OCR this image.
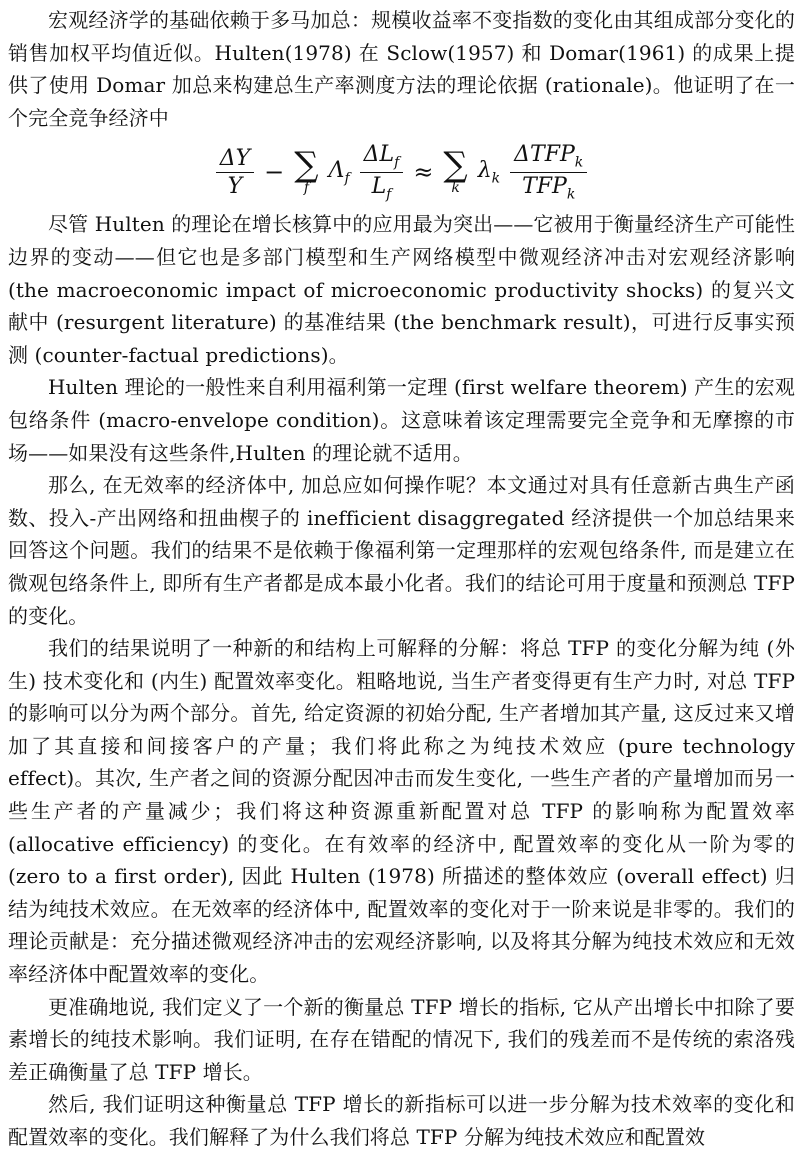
宏观经济学的基础依赖于多马加总：规模收益率不变指数的变化由其组成部分变化的销售加权平均值近似。Hulten(1978) 在 Sclow(1957) 和 Domar(1961) 的成果上提供了使用 Domar 加总来构建总生产率测度方法的理论依据 (rationale)。他证明了在一个完全竞争经济中

$\frac{\Delta Y}{Y}$ − ∑
f
$\Lambda_f \frac{\Delta L_f}{L_f}$ ≈ ∑
k
$\lambda_k \frac{\Delta TFP_k}{TFP_k}$

尽管 Hulten 的理论在增长核算中的应用最为突出——它被用于衡量经济生产可能性边界的变动——但它也是多部门模型和生产网络模型中微观经济冲击对宏观经济影响 (the macroeconomic impact of microeconomic productivity shocks) 的复兴文献中 (resurgent literature) 的基准结果 (the benchmark result)，可进行反事实预测 (counter-factual predictions)。

Hulten 理论的一般性来自利用福利第一定理 (first welfare theorem) 产生的宏观包络条件 (macro-envelope condition)。这意味着该定理需要完全竞争和无摩擦的市场——如果没有这些条件,Hulten 的理论就不适用。

那么, 在无效率的经济体中, 加总应如何操作呢？本文通过对具有任意新古典生产函数、投入-产出网络和扭曲楔子的 inefficient disaggregated 经济提供一个加总结果来回答这个问题。我们的结果不是依赖于像福利第一定理那样的宏观包络条件, 而是建立在微观包络条件上, 即所有生产者都是成本最小化者。我们的结论可用于度量和预测总 TFP 的变化。

我们的结果说明了一种新的和结构上可解释的分解：将总 TFP 的变化分解为纯 (外生) 技术变化和 (内生) 配置效率变化。粗略地说, 当生产者变得更有生产力时, 对总 TFP 的影响可以分为两个部分。首先, 给定资源的初始分配, 生产者增加其产量, 这反过来又增加了其直接和间接客户的产量；我们将此称之为纯技术效应 (pure technology effect)。其次, 生产者之间的资源分配因冲击而发生变化, 一些生产者的产量增加而另一些生产者的产量减少；我们将这种资源重新配置对总 TFP 的影响称为配置效率 (allocative efficiency) 的变化。在有效率的经济中, 配置效率的变化从一阶为零的 (zero to a first order), 因此 Hulten (1978) 所描述的整体效应 (overall effect) 归结为纯技术效应。在无效率的经济体中, 配置效率的变化对于一阶来说是非零的。我们的理论贡献是：充分描述微观经济冲击的宏观经济影响, 以及将其分解为纯技术效应和无效率经济体中配置效率的变化。

更准确地说, 我们定义了一个新的衡量总 TFP 增长的指标, 它从产出增长中扣除了要素增长的纯技术影响。我们证明, 在存在错配的情况下, 我们的残差而不是传统的索洛残差正确衡量了总 TFP 增长。

然后, 我们证明这种衡量总 TFP 增长的新指标可以进一步分解为技术效率的变化和配置效率的变化。我们解释了为什么我们将总 TFP 分解为纯技术效应和配置效
